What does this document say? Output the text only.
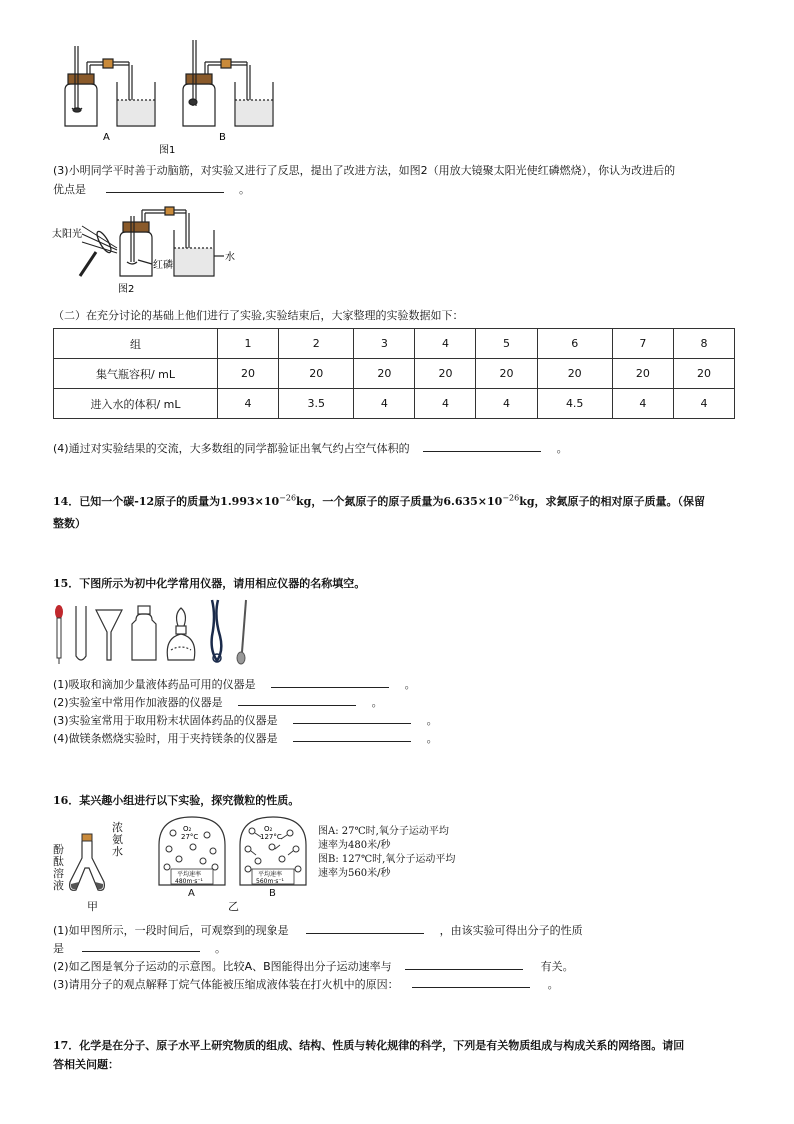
A	B
图1
(3)小明同学平时善于动脑筋，对实验又进行了反思，提出了改进方法，如图2（用放大镜聚太阳光使红磷燃烧），你认为改进后的
优点是	。
太阳光
红磷
水
图2
（二）在充分讨论的基础上他们进行了实验,实验结束后，大家整理的实验数据如下：
组	1	2	3	4	5	6	7	8
集气瓶容积/ mL	20	20	20	20	20	20	20	20
进入水的体积/ mL	4	3.5	4	4	4	4.5	4	4
(4)通过对实验结果的交流，大多数组的同学都验证出氧气约占空气体积的	。
14．已知一个碳-12原子的质量为$1.993\times 10^{-26}kg$，一个氮原子的原子质量为$6.635\times 10^{-26}kg$，求氮原子的相对原子质量。（保留
整数）
15．下图所示为初中化学常用仪器，请用相应仪器的名称填空。
(1)吸取和滴加少量液体药品可用的仪器是	。
(2)实验室中常用作加液器的仪器是	。
(3)实验室常用于取用粉末状固体药品的仪器是	。
(4)做镁条燃烧实验时，用于夹持镁条的仪器是	。
16．某兴趣小组进行以下实验，探究微粒的性质。
酚酞溶液
浓氨水
甲
O₂
27°C
平均速率
480m·s⁻¹
A
O₂
127°C
平均速率
560m·s⁻¹
B
乙
图A: 27℃时,氧分子运动平均
速率为480米/秒
图B: 127℃时,氧分子运动平均
速率为560米/秒
(1)如甲图所示，一段时间后，可观察到的现象是	，由该实验可得出分子的性质
是	。
(2)如乙图是氧分子运动的示意图。比较A、B图能得出分子运动速率与	有关。
(3)请用分子的观点解释丁烷气体能被压缩成液体装在打火机中的原因：	。
17．化学是在分子、原子水平上研究物质的组成、结构、性质与转化规律的科学，下列是有关物质组成与构成关系的网络图。请回
答相关问题：
